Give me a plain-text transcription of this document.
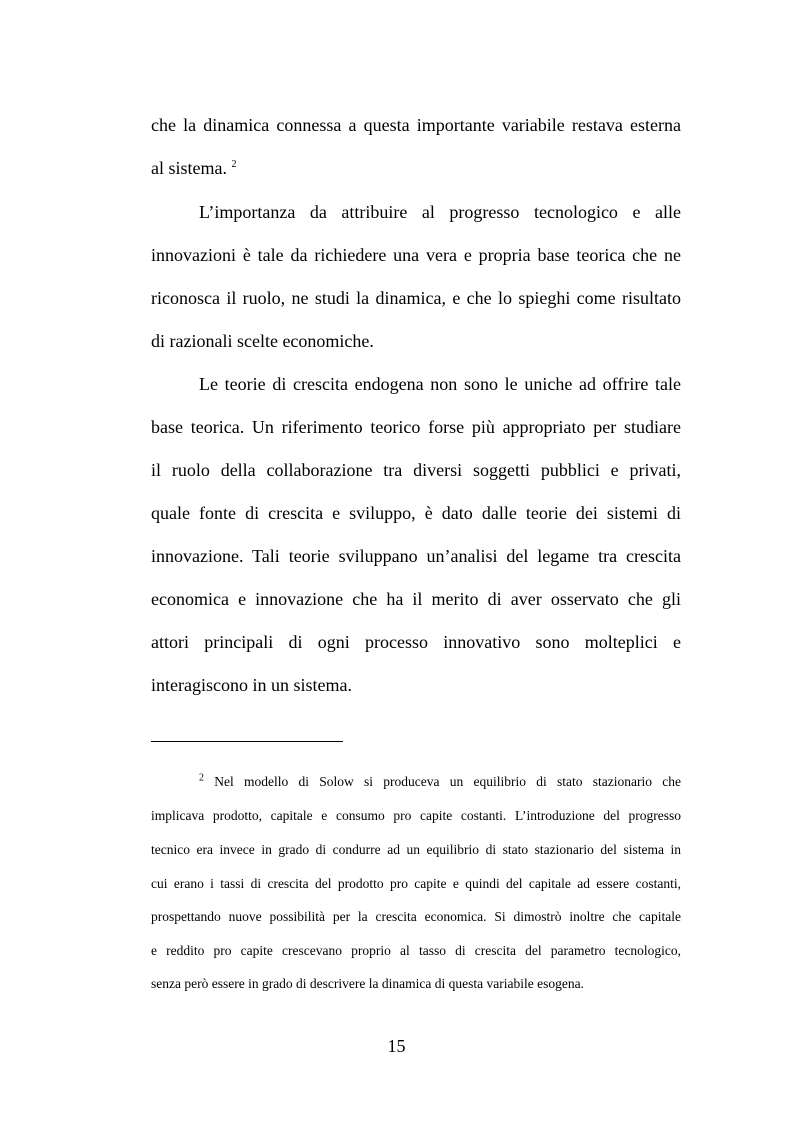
che la dinamica connessa a questa importante variabile restava esterna
al sistema. $^2$
L’importanza da attribuire al progresso tecnologico e alle
innovazioni è tale da richiedere una vera e propria base teorica che ne
riconosca il ruolo, ne studi la dinamica, e che lo spieghi come risultato
di razionali scelte economiche.
Le teorie di crescita endogena non sono le uniche ad offrire tale
base teorica. Un riferimento teorico forse più appropriato per studiare
il ruolo della collaborazione tra diversi soggetti pubblici e privati,
quale fonte di crescita e sviluppo, è dato dalle teorie dei sistemi di
innovazione. Tali teorie sviluppano un’analisi del legame tra crescita
economica e innovazione che ha il merito di aver osservato che gli
attori principali di ogni processo innovativo sono molteplici e
interagiscono in un sistema.
$^2$ Nel modello di Solow si produceva un equilibrio di stato stazionario che
implicava prodotto, capitale e consumo pro capite costanti. L’introduzione del progresso
tecnico era invece in grado di condurre ad un equilibrio di stato stazionario del sistema in
cui erano i tassi di crescita del prodotto pro capite e quindi del capitale ad essere costanti,
prospettando nuove possibilità per la crescita economica. Si dimostrò inoltre che capitale
e reddito pro capite crescevano proprio al tasso di crescita del parametro tecnologico,
senza però essere in grado di descrivere la dinamica di questa variabile esogena.
15
